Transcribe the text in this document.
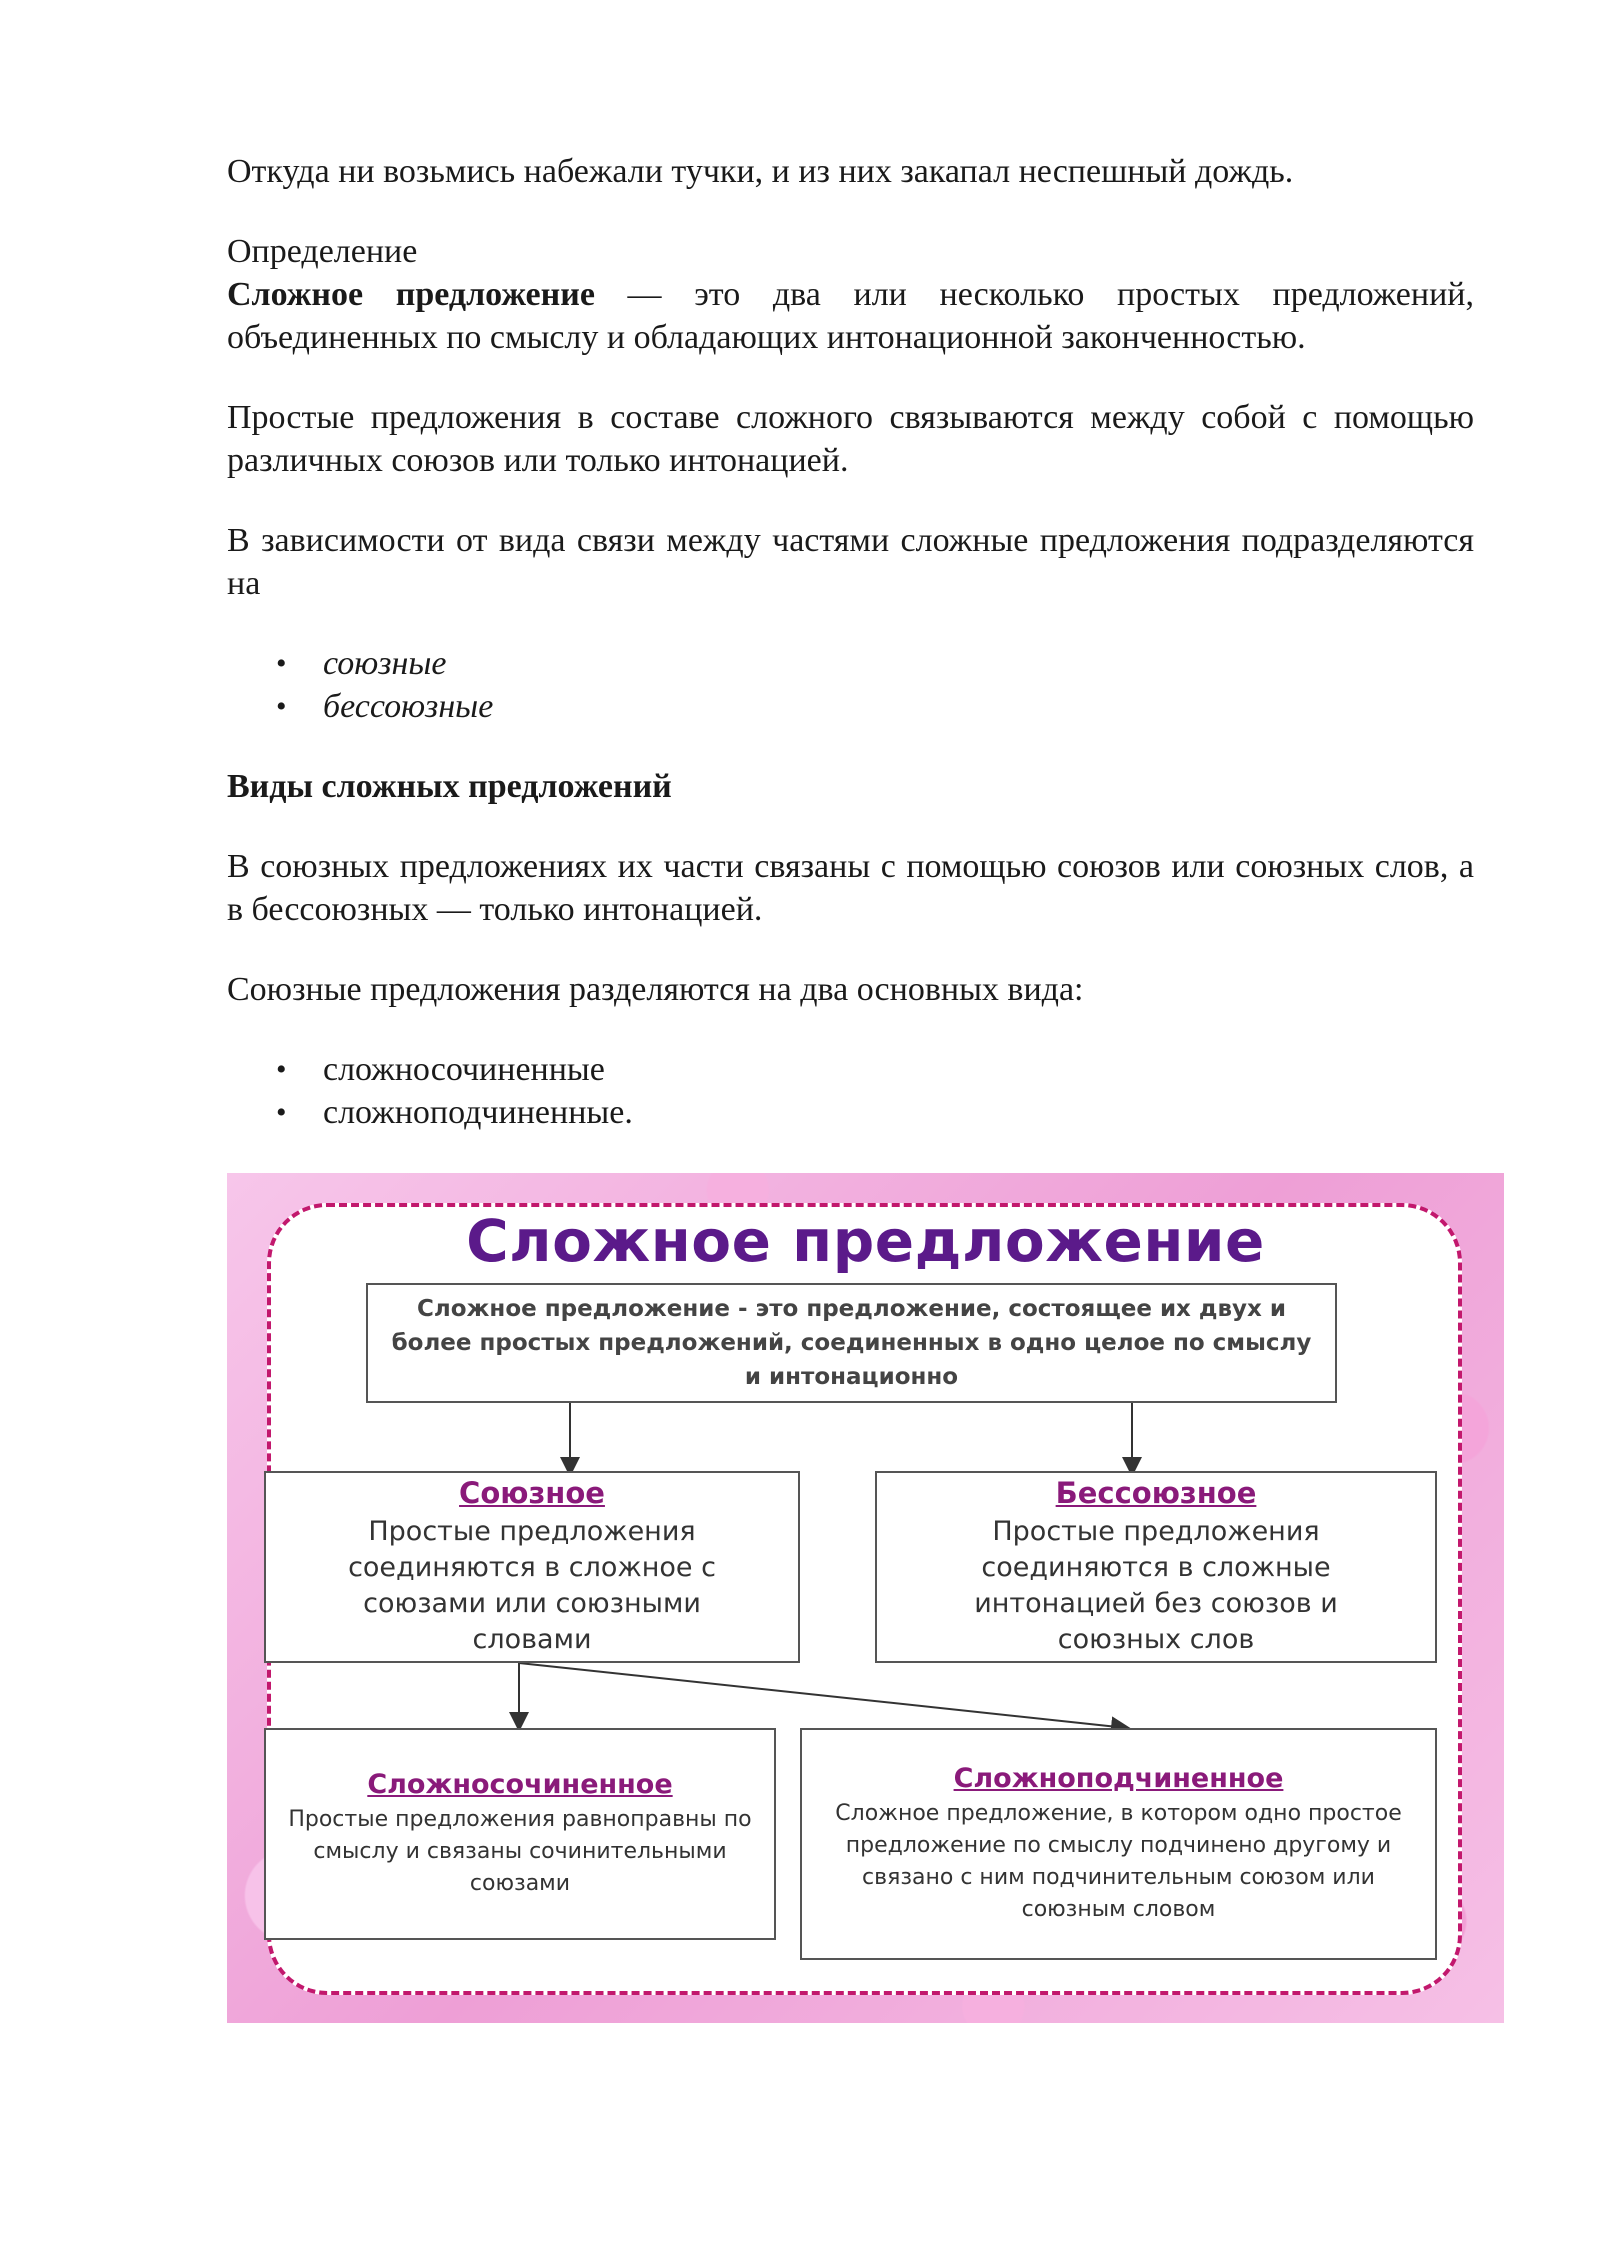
Откуда ни возьмись набежали тучки, и из них закапал неспешный дождь.

Определение

Сложное предложение — это два или несколько простых предложений, объединенных по смыслу и обладающих интонационной законченностью.

Простые предложения в составе сложного связываются между собой с помощью различных союзов или только интонацией.

В зависимости от вида связи между частями сложные предложения подразделяются на

• союзные
• бессоюзные

Виды сложных предложений

В союзных предложениях их части связаны с помощью союзов или союзных слов, а в бессоюзных — только интонацией.

Союзные предложения разделяются на два основных вида:

• сложносочиненные
• сложноподчиненные.
Сложное предложение
Сложное предложение - это предложение, состоящее их двух и более простых предложений, соединенных в одно целое по смыслу и интонационно
Союзное
Простые предложения соединяются в сложное с союзами или союзными словами
Бессоюзное
Простые предложения соединяются в сложные интонацией без союзов и союзных слов
Сложносочиненное
Простые предложения равноправны по смыслу и связаны сочинительными союзами
Сложноподчиненное
Сложное предложение, в котором одно простое предложение по смыслу подчинено другому и связано с ним подчинительным союзом или союзным словом
